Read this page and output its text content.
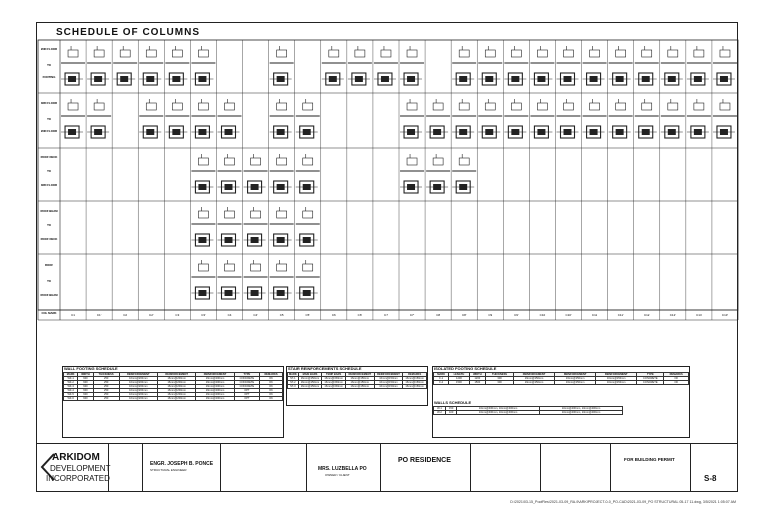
SCHEDULE OF COLUMNS
2ND FLOOR
TO
FOOTING
3RD FLOOR
TO
2ND FLOOR
ROOF DECK
TO
3RD FLOOR
ROOF BEAM
TO
ROOF DECK
ROOF
TO
ROOF BEAM
COL MARK	C1	C1'	C2	C2'	C3	C3'	C4	C4'	C5	C5'	C6	C6'	C7	C7'	C8	C8'	C9	C9'	C10	C10'	C11	C11'	C12	C12'	C13	C13'
WALL FOOTING SCHEDULE
MARK	WIDTH	THICKNESS	REINFORCEMENT	REINFORCEMENT	REINFORCEMENT	TYPE	REMARKS
WF-1	600	250	16mm@200mm	16mm@200mm	16mm@200mm	CONCRETE	OK
WF-2	600	250	16mm@200mm	16mm@200mm	16mm@200mm	CONCRETE	OK
WF-3	600	250	16mm@200mm	16mm@200mm	16mm@200mm	CONCRETE	OK
WF-4	600	250	16mm@200mm	16mm@200mm	16mm@200mm	OPT	OK
WF-5	600	250	16mm@200mm	16mm@200mm	16mm@200mm	OPT	OK
WF-6	600	250	16mm@200mm	16mm@200mm	16mm@200mm	OPT	OK
STAIR REINFORCEMENTS SCHEDULE
MARK	MAIN BARS	TEMP BARS	REINFORCEMENT	REINFORCEMENT	REMARKS
ST-1	16mm@150mm	16mm@150mm	16mm@150mm	16mm@150mm	16mm@150mm
ST-2	16mm@150mm	16mm@150mm	16mm@150mm	16mm@150mm	16mm@150mm
ST-3	16mm@150mm	16mm@150mm	16mm@150mm	16mm@150mm	16mm@150mm
ISOLATED FOOTING SCHEDULE
MARK	LENGTH	WIDTH	THICKNESS	REINFORCEMENT	REINFORCEMENT	REINFORCEMENT	TYPE	REMARKS
F-1	1200	1200	300	16mm@150mm	16mm@150mm	16mm@150mm	CONCRETE	OK
F-2	1500	1500	300	16mm@150mm	16mm@150mm	16mm@150mm	CONCRETE	OK
WALLS SCHEDULE
W-1	150	10mm@400mm, 10mm@400mm	10mm@400mm, 10mm@400mm
W-2	100	10mm@400mm, 10mm@400mm	10mm@400mm, 10mm@400mm
ARKIDOM
DEVELOPMENT
INCORPORATED
ENGR. JOSEPH B. PONCE
STRUCTURAL ENGINEER	MRS. LUZBELLA PO
OWNER / CLIENT
PO RESIDENCE	FOR BUILDING PERMIT
S-8
D:\2021\03-15_PoofRes\2021-03-09_RA-9\ARKIPROJECT-0-0_PO-CAD\2021-03-09_PO STRUCTURAL 05-17 11.dwg, 3/5/2021 1:05:07 AM
